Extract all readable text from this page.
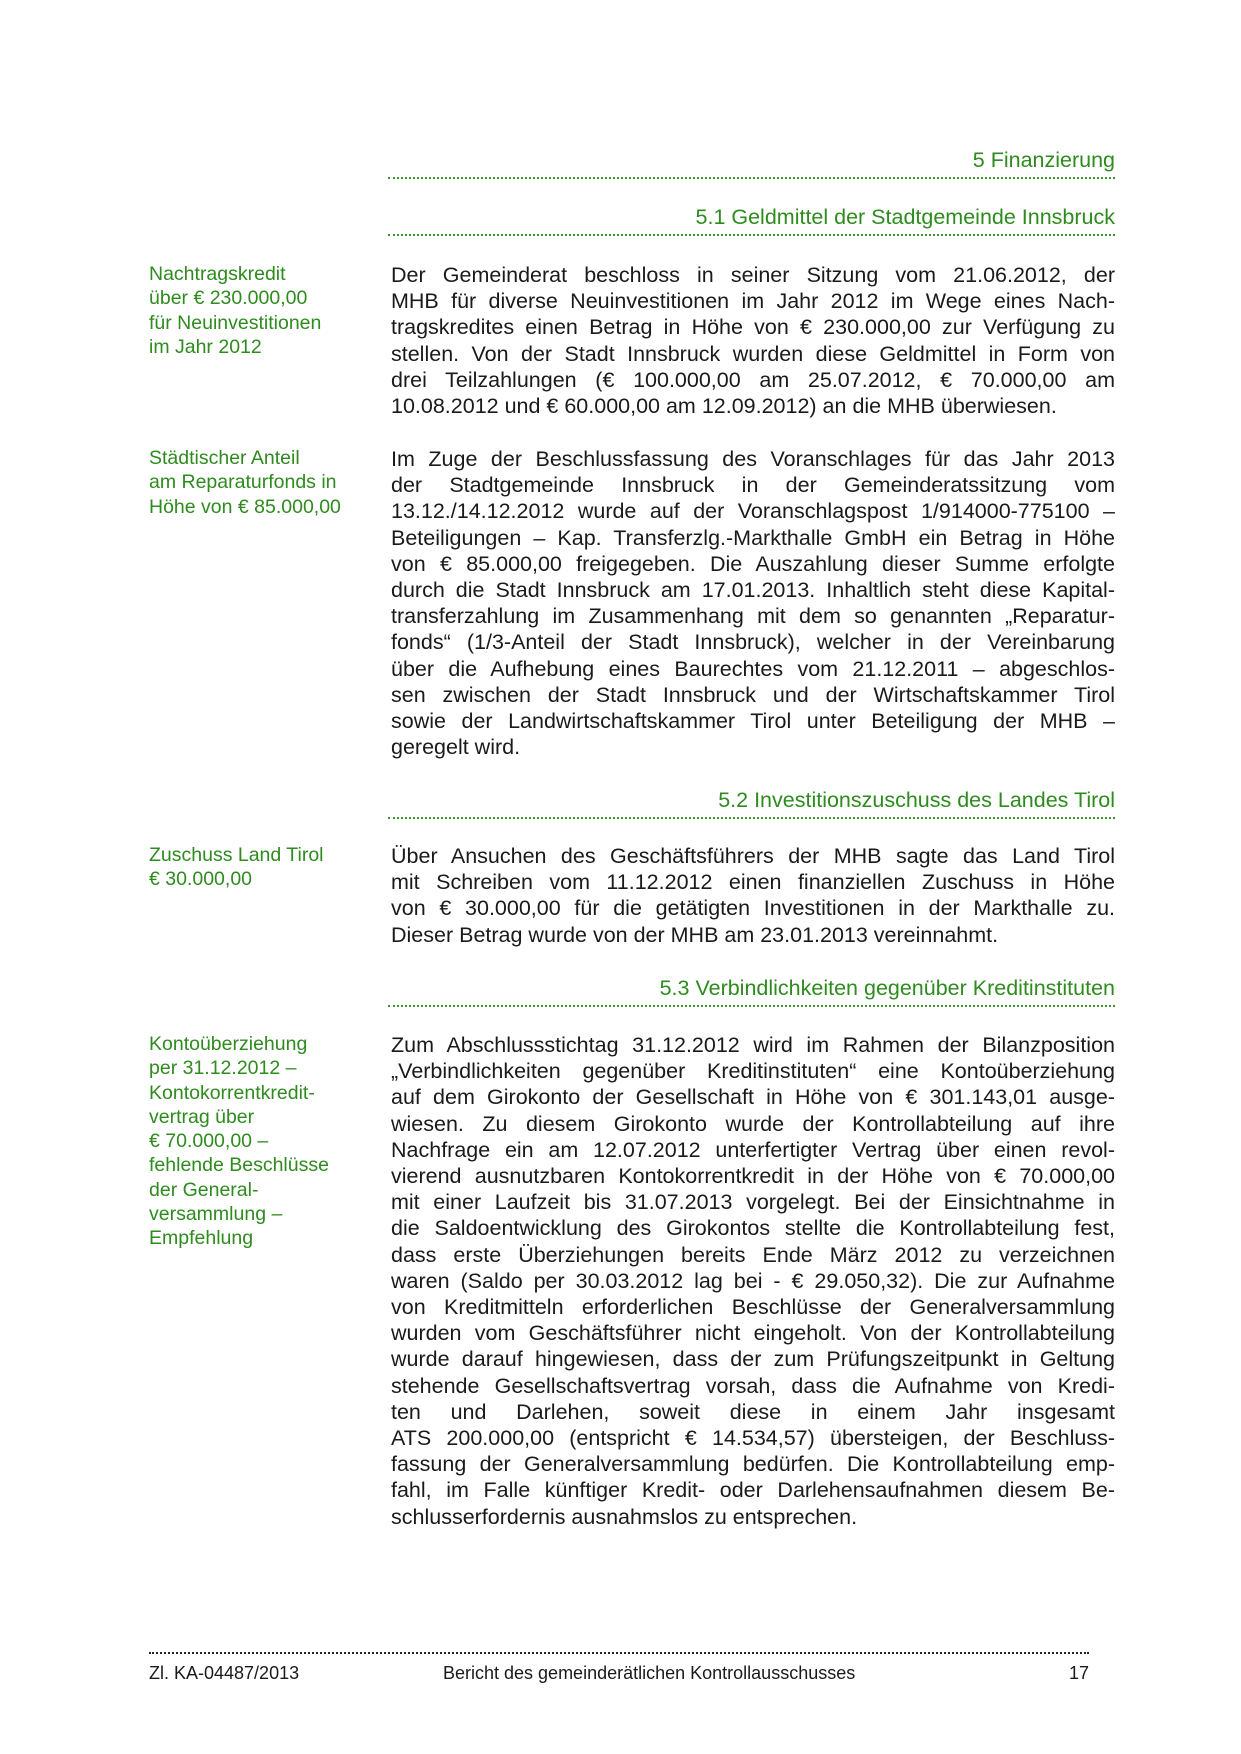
5 Finanzierung
5.1 Geldmittel der Stadtgemeinde Innsbruck
Nachtragskredit
über € 230.000,00
für Neuinvestitionen
im Jahr 2012
Der Gemeinderat beschloss in seiner Sitzung vom 21.06.2012, der
MHB für diverse Neuinvestitionen im Jahr 2012 im Wege eines Nach-
tragskredites einen Betrag in Höhe von € 230.000,00 zur Verfügung zu
stellen. Von der Stadt Innsbruck wurden diese Geldmittel in Form von
drei Teilzahlungen (€ 100.000,00 am 25.07.2012, € 70.000,00 am
10.08.2012 und € 60.000,00 am 12.09.2012) an die MHB überwiesen.
Städtischer Anteil
am Reparaturfonds in
Höhe von € 85.000,00
Im Zuge der Beschlussfassung des Voranschlages für das Jahr 2013
der Stadtgemeinde Innsbruck in der Gemeinderatssitzung vom
13.12./14.12.2012 wurde auf der Voranschlagspost 1/914000-775100 –
Beteiligungen – Kap. Transferzlg.-Markthalle GmbH ein Betrag in Höhe
von € 85.000,00 freigegeben. Die Auszahlung dieser Summe erfolgte
durch die Stadt Innsbruck am 17.01.2013. Inhaltlich steht diese Kapital-
transferzahlung im Zusammenhang mit dem so genannten „Reparatur-
fonds“ (1/3-Anteil der Stadt Innsbruck), welcher in der Vereinbarung
über die Aufhebung eines Baurechtes vom 21.12.2011 – abgeschlos-
sen zwischen der Stadt Innsbruck und der Wirtschaftskammer Tirol
sowie der Landwirtschaftskammer Tirol unter Beteiligung der MHB –
geregelt wird.
5.2 Investitionszuschuss des Landes Tirol
Zuschuss Land Tirol
€ 30.000,00
Über Ansuchen des Geschäftsführers der MHB sagte das Land Tirol
mit Schreiben vom 11.12.2012 einen finanziellen Zuschuss in Höhe
von € 30.000,00 für die getätigten Investitionen in der Markthalle zu.
Dieser Betrag wurde von der MHB am 23.01.2013 vereinnahmt.
5.3 Verbindlichkeiten gegenüber Kreditinstituten
Kontoüberziehung
per 31.12.2012 –
Kontokorrentkredit-
vertrag über
€ 70.000,00 –
fehlende Beschlüsse
der General-
versammlung –
Empfehlung
Zum Abschlussstichtag 31.12.2012 wird im Rahmen der Bilanzposition
„Verbindlichkeiten gegenüber Kreditinstituten“ eine Kontoüberziehung
auf dem Girokonto der Gesellschaft in Höhe von € 301.143,01 ausge-
wiesen. Zu diesem Girokonto wurde der Kontrollabteilung auf ihre
Nachfrage ein am 12.07.2012 unterfertigter Vertrag über einen revol-
vierend ausnutzbaren Kontokorrentkredit in der Höhe von € 70.000,00
mit einer Laufzeit bis 31.07.2013 vorgelegt. Bei der Einsichtnahme in
die Saldoentwicklung des Girokontos stellte die Kontrollabteilung fest,
dass erste Überziehungen bereits Ende März 2012 zu verzeichnen
waren (Saldo per 30.03.2012 lag bei - € 29.050,32). Die zur Aufnahme
von Kreditmitteln erforderlichen Beschlüsse der Generalversammlung
wurden vom Geschäftsführer nicht eingeholt. Von der Kontrollabteilung
wurde darauf hingewiesen, dass der zum Prüfungszeitpunkt in Geltung
stehende Gesellschaftsvertrag vorsah, dass die Aufnahme von Kredi-
ten und Darlehen, soweit diese in einem Jahr insgesamt
ATS 200.000,00 (entspricht € 14.534,57) übersteigen, der Beschluss-
fassung der Generalversammlung bedürfen. Die Kontrollabteilung emp-
fahl, im Falle künftiger Kredit- oder Darlehensaufnahmen diesem Be-
schlusserfordernis ausnahmslos zu entsprechen.
Zl. KA-04487/2013	Bericht des gemeinderätlichen Kontrollausschusses	17
